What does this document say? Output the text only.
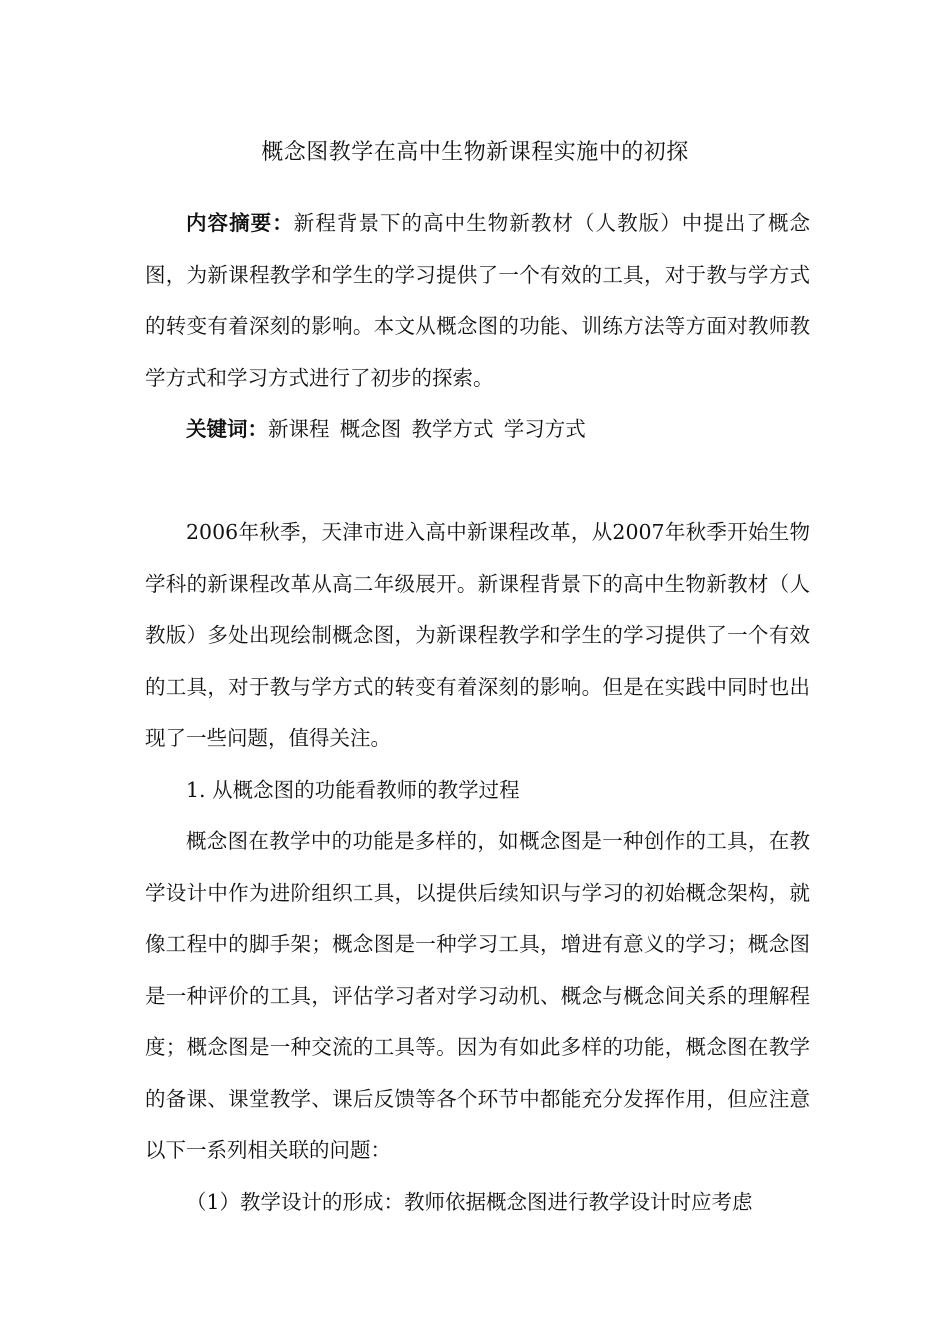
概念图教学在高中生物新课程实施中的初探

内容摘要：新程背景下的高中生物新教材（人教版）中提出了概念图，为新课程教学和学生的学习提供了一个有效的工具，对于教与学方式的转变有着深刻的影响。本文从概念图的功能、训练方法等方面对教师教学方式和学习方式进行了初步的探索。

关键词：新课程 概念图 教学方式 学习方式

2006年秋季，天津市进入高中新课程改革，从2007年秋季开始生物学科的新课程改革从高二年级展开。新课程背景下的高中生物新教材（人教版）多处出现绘制概念图，为新课程教学和学生的学习提供了一个有效的工具，对于教与学方式的转变有着深刻的影响。但是在实践中同时也出现了一些问题，值得关注。

1. 从概念图的功能看教师的教学过程

概念图在教学中的功能是多样的，如概念图是一种创作的工具，在教学设计中作为进阶组织工具，以提供后续知识与学习的初始概念架构，就像工程中的脚手架；概念图是一种学习工具，增进有意义的学习；概念图是一种评价的工具，评估学习者对学习动机、概念与概念间关系的理解程度；概念图是一种交流的工具等。因为有如此多样的功能，概念图在教学的备课、课堂教学、课后反馈等各个环节中都能充分发挥作用，但应注意以下一系列相关联的问题：

（1）教学设计的形成：教师依据概念图进行教学设计时应考虑
